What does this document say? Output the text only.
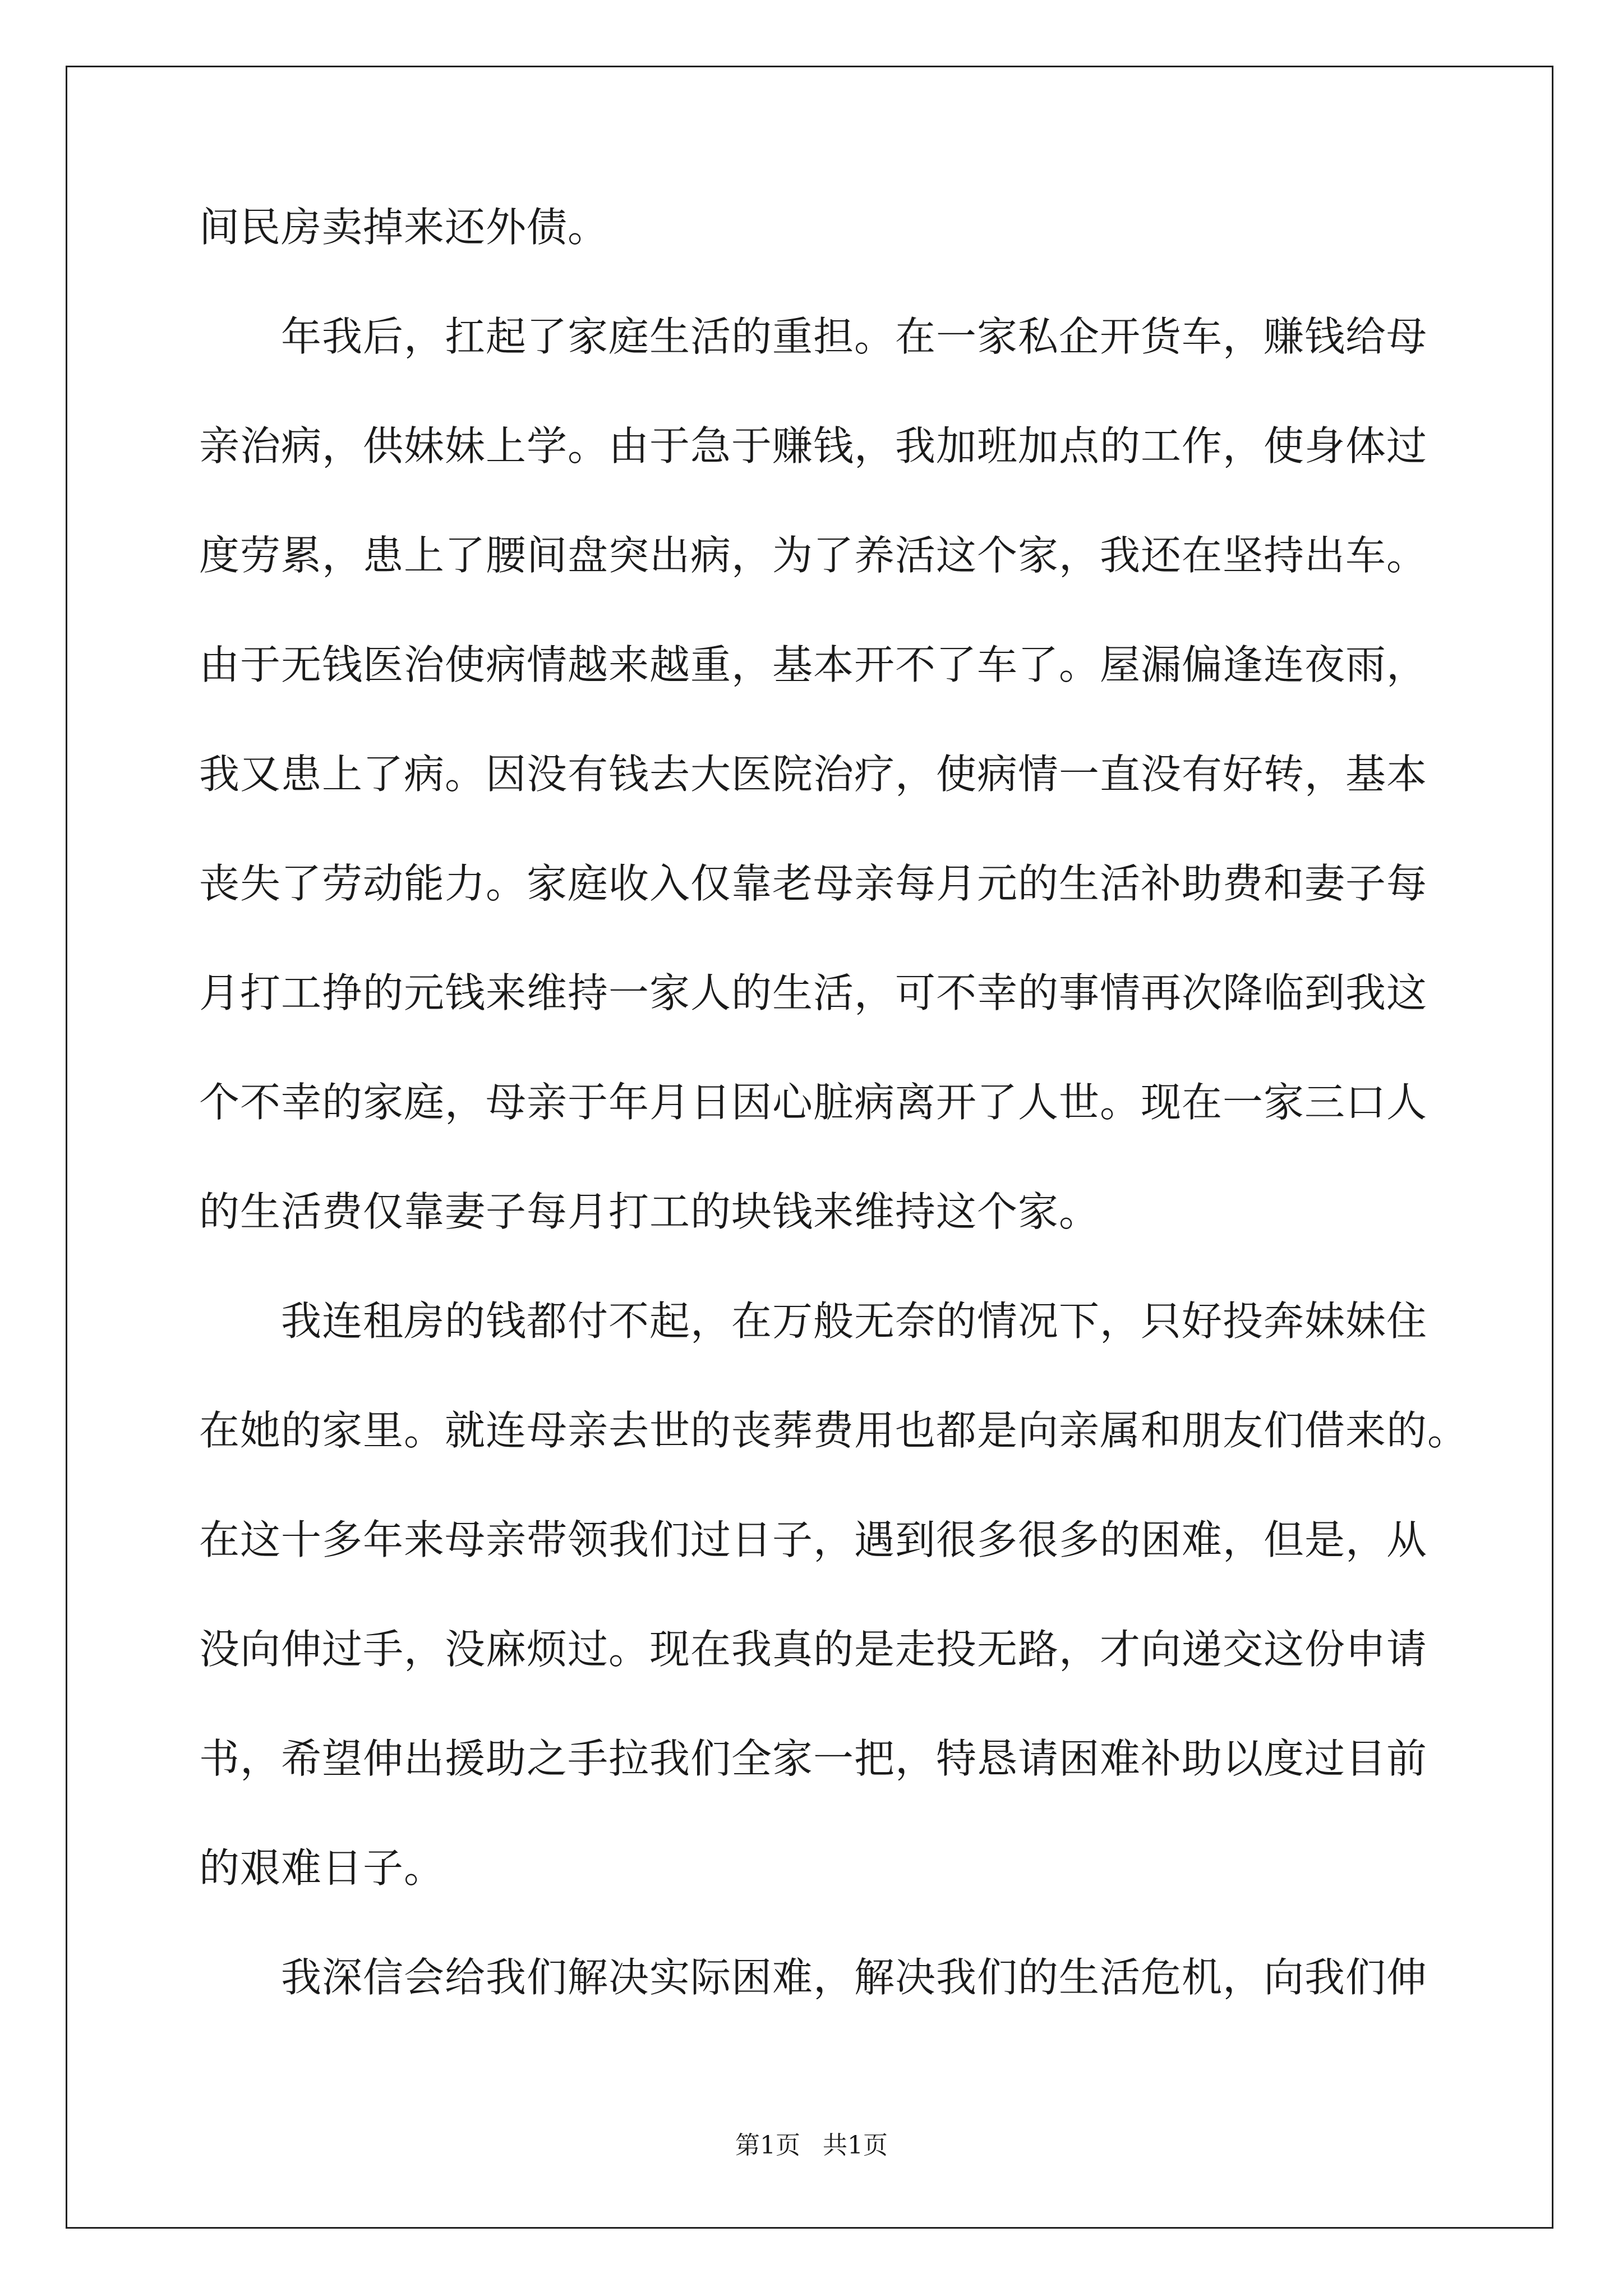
间民房卖掉来还外债。
年我后，扛起了家庭生活的重担。在一家私企开货车，赚钱给母
亲治病，供妹妹上学。由于急于赚钱，我加班加点的工作，使身体过
度劳累，患上了腰间盘突出病，为了养活这个家，我还在坚持出车。
由于无钱医治使病情越来越重，基本开不了车了。屋漏偏逢连夜雨，
我又患上了病。因没有钱去大医院治疗，使病情一直没有好转，基本
丧失了劳动能力。家庭收入仅靠老母亲每月元的生活补助费和妻子每
月打工挣的元钱来维持一家人的生活，可不幸的事情再次降临到我这
个不幸的家庭，母亲于年月日因心脏病离开了人世。现在一家三口人
的生活费仅靠妻子每月打工的块钱来维持这个家。
我连租房的钱都付不起，在万般无奈的情况下，只好投奔妹妹住
在她的家里。就连母亲去世的丧葬费用也都是向亲属和朋友们借来的。
在这十多年来母亲带领我们过日子，遇到很多很多的困难，但是，从
没向伸过手，没麻烦过。现在我真的是走投无路，才向递交这份申请
书，希望伸出援助之手拉我们全家一把，特恳请困难补助以度过目前
的艰难日子。
我深信会给我们解决实际困难，解决我们的生活危机，向我们伸
第1页 共1页
